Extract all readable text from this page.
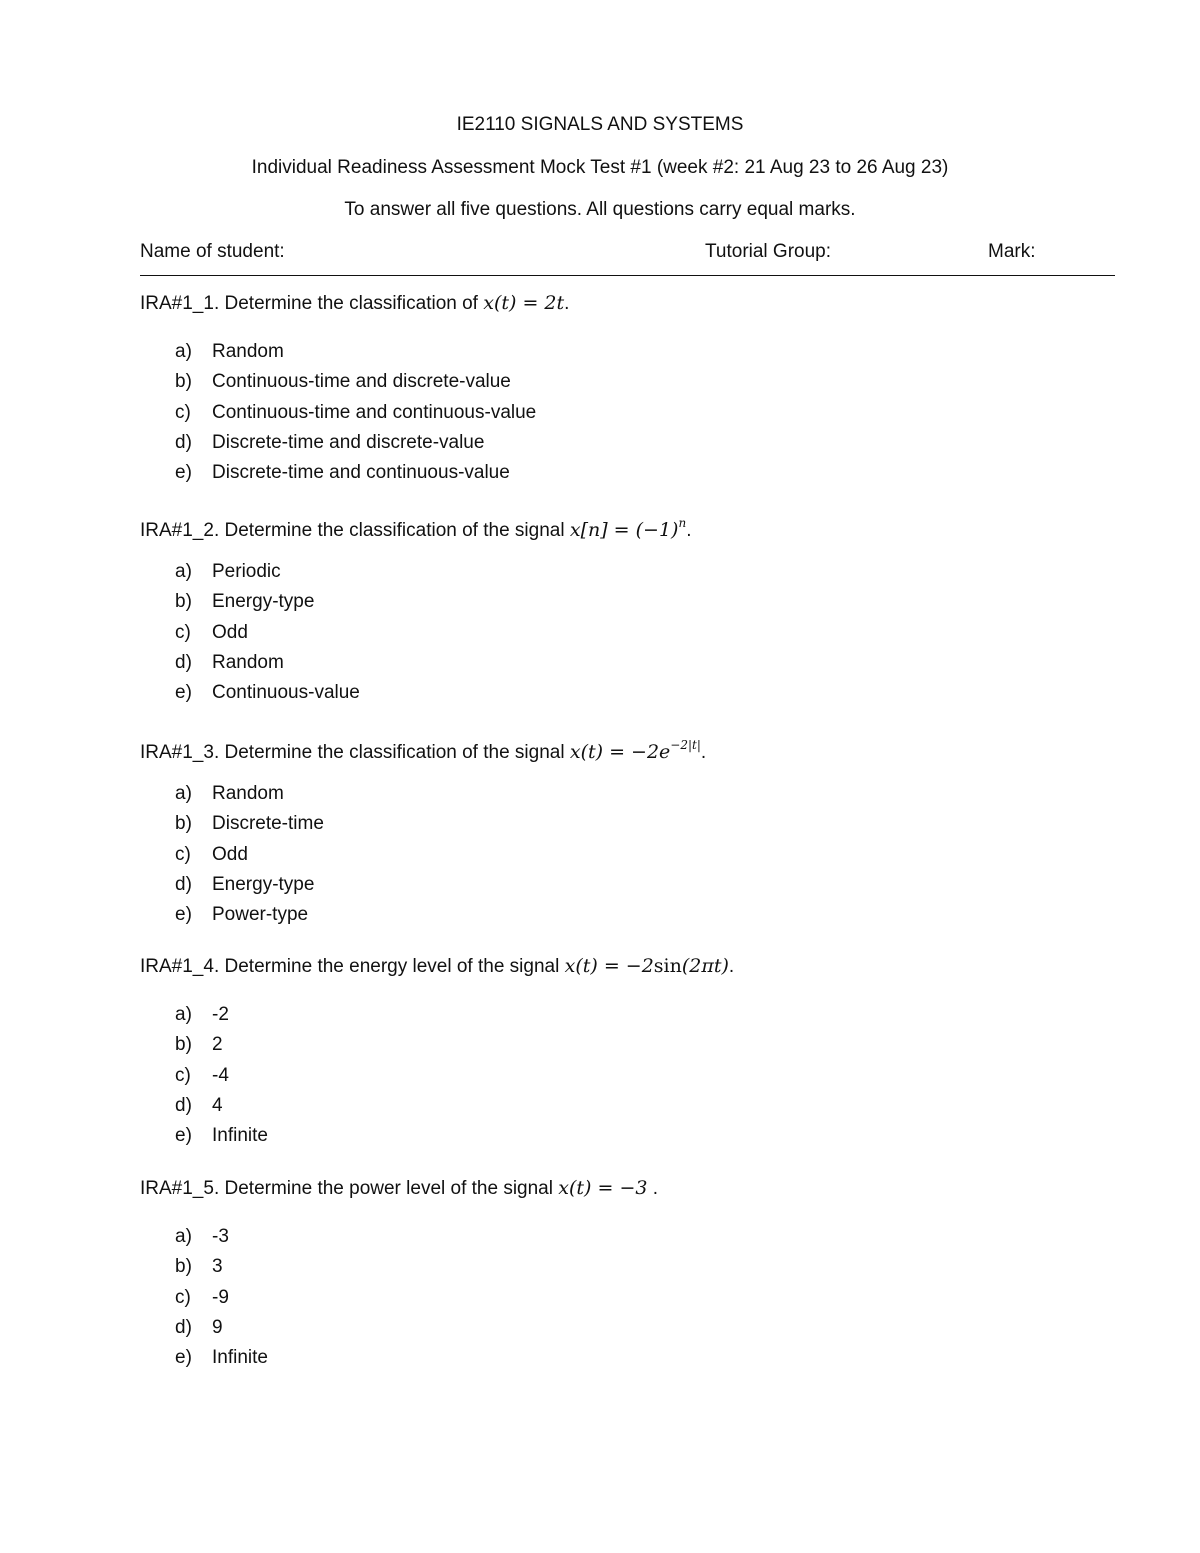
IE2110 SIGNALS AND SYSTEMS
Individual Readiness Assessment Mock Test #1 (week #2: 21 Aug 23 to 26 Aug 23)
To answer all five questions. All questions carry equal marks.
Name of student:	Tutorial Group:	Mark:
IRA#1_1. Determine the classification of x(t) = 2t.
a) Random
b) Continuous-time and discrete-value
c) Continuous-time and continuous-value
d) Discrete-time and discrete-value
e) Discrete-time and continuous-value
IRA#1_2. Determine the classification of the signal $x[n] = (-1)^n$.
a) Periodic
b) Energy-type
c) Odd
d) Random
e) Continuous-value
IRA#1_3. Determine the classification of the signal $x(t) = -2e^{-2|t|}$.
a) Random
b) Discrete-time
c) Odd
d) Energy-type
e) Power-type
IRA#1_4. Determine the energy level of the signal x(t) = −2sin(2πt).
a) -2
b) 2
c) -4
d) 4
e) Infinite
IRA#1_5. Determine the power level of the signal x(t) = −3 .
a) -3
b) 3
c) -9
d) 9
e) Infinite
